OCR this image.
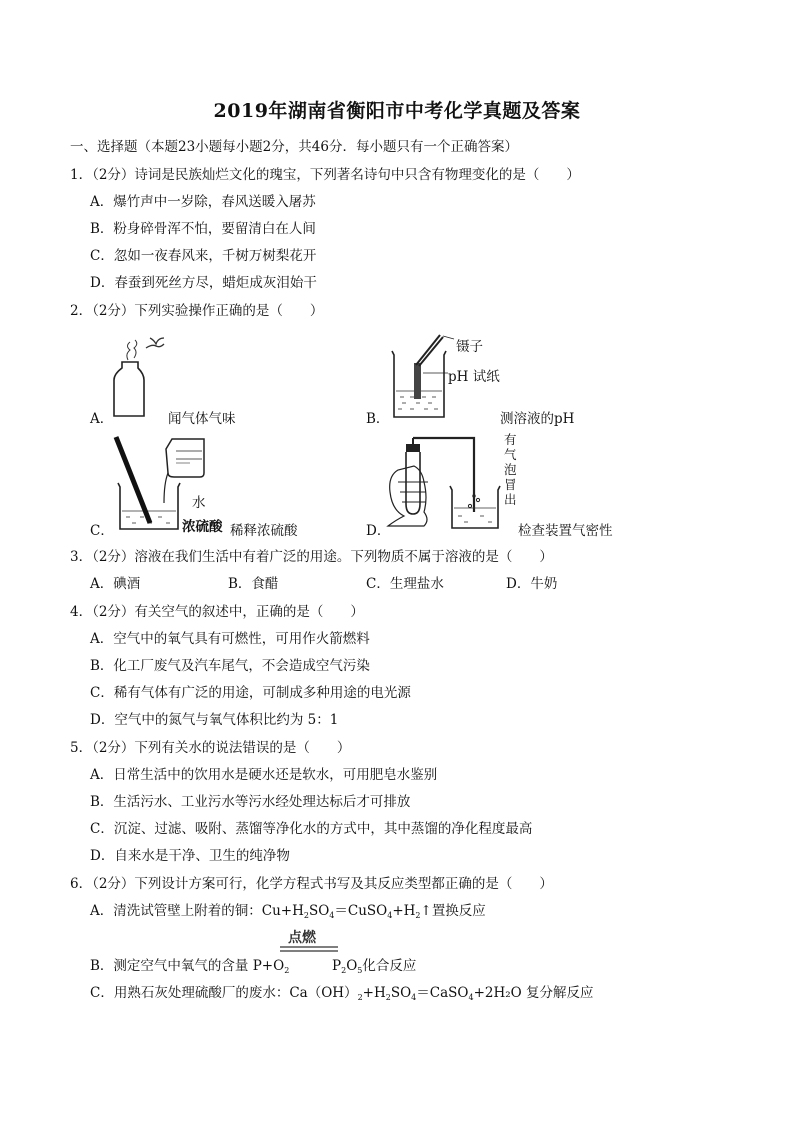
2019年湖南省衡阳市中考化学真题及答案
一、选择题（本题23小题每小题2分，共46分．每小题只有一个正确答案）
1．（2分）诗词是民族灿烂文化的瑰宝，下列著名诗句中只含有物理变化的是（　　）
A．爆竹声中一岁除，春风送暖入屠苏
B．粉身碎骨浑不怕，要留清白在人间
C．忽如一夜春风来，千树万树梨花开
D．春蚕到死丝方尽，蜡炬成灰泪始干
2．（2分）下列实验操作正确的是（　　）
A．	闻气体气味
镊子
pH 试纸
B．	测溶液的pH
水
浓硫酸
C．	稀释浓硫酸
有
气
泡
冒
出
D．	检查装置气密性
3．（2分）溶液在我们生活中有着广泛的用途。下列物质不属于溶液的是（　　）
A．碘酒	B．食醋	C．生理盐水	D．牛奶
4．（2分）有关空气的叙述中，正确的是（　　）
A．空气中的氧气具有可燃性，可用作火箭燃料
B．化工厂废气及汽车尾气，不会造成空气污染
C．稀有气体有广泛的用途，可制成多种用途的电光源
D．空气中的氮气与氧气体积比约为 5：1
5．（2分）下列有关水的说法错误的是（　　）
A．日常生活中的饮用水是硬水还是软水，可用肥皂水鉴别
B．生活污水、工业污水等污水经处理达标后才可排放
C．沉淀、过滤、吸附、蒸馏等净化水的方式中，其中蒸馏的净化程度最高
D．自来水是干净、卫生的纯净物
6．（2分）下列设计方案可行，化学方程式书写及其反应类型都正确的是（　　）
A．清洗试管壁上附着的铜：$Cu+H_2SO_4=CuSO_4+H_2↑$置换反应
点燃
B．测定空气中氧气的含量 $P+O_2$	$P_2O_5$化合反应
C．用熟石灰处理硫酸厂的废水：$Ca(OH)_2+H_2SO_4=CaSO_4+2H_2O$ 复分解反应
